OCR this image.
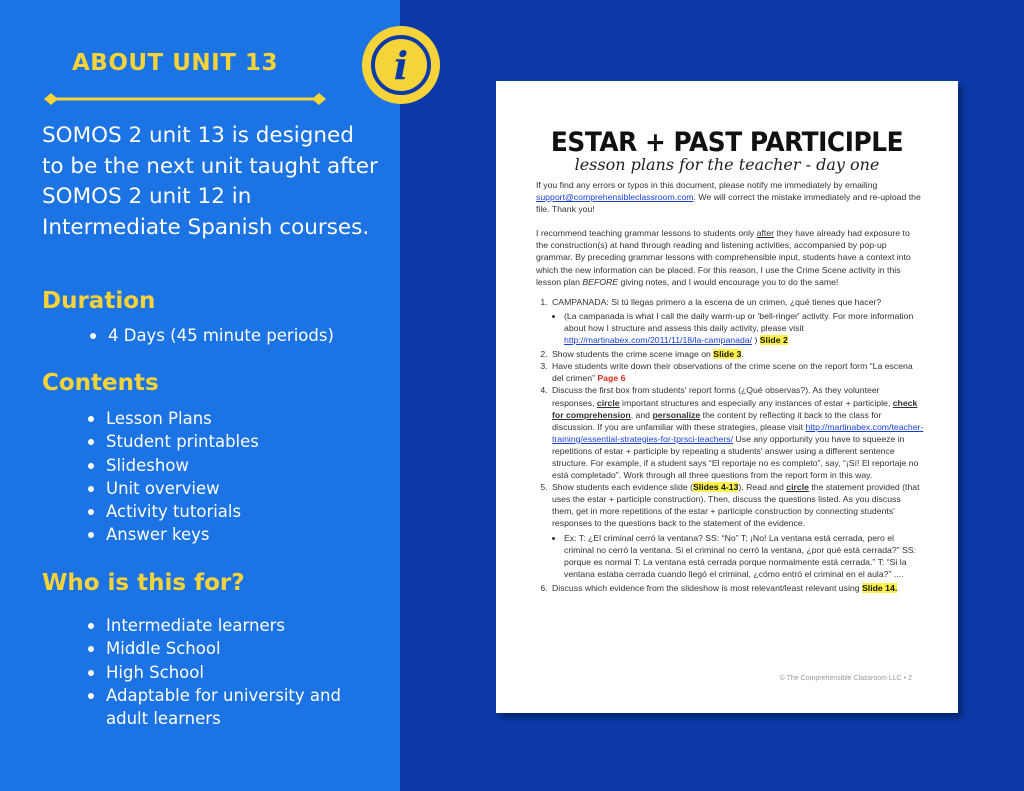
ABOUT UNIT 13
SOMOS 2 unit 13 is designed to be the next unit taught after SOMOS 2 unit 12 in Intermediate Spanish courses.
Duration
4 Days (45 minute periods)
Contents
Lesson Plans
Student printables
Slideshow
Unit overview
Activity tutorials
Answer keys
Who is this for?
Intermediate learners
Middle School
High School
Adaptable for university and adult learners
i
ESTAR + PAST PARTICIPLE
lesson plans for the teacher - day one

If you find any errors or typos in this document, please notify me immediately by emailing support@comprehensibleclassroom.com. We will correct the mistake immediately and re-upload the file. Thank you!

I recommend teaching grammar lessons to students only after they have already had exposure to the construction(s) at hand through reading and listening activities, accompanied by pop-up grammar. By preceding grammar lessons with comprehensible input, students have a context into which the new information can be placed. For this reason, I use the Crime Scene activity in this lesson plan BEFORE giving notes, and I would encourage you to do the same!

1. CAMPANADA: Si tú llegas primero a la escena de un crimen, ¿qué tienes que hacer?
• (La campanada is what I call the daily warm-up or 'bell-ringer' activity. For more information about how I structure and assess this daily activity, please visit http://martinabex.com/2011/11/18/la-campanada/ ) Slide 2
2. Show students the crime scene image on Slide 3.
3. Have students write down their observations of the crime scene on the report form “La escena del crimen” Page 6
4. Discuss the first box from students' report forms (¿Qué observas?). As they volunteer responses, circle important structures and especially any instances of estar + participle, check for comprehension, and personalize the content by reflecting it back to the class for discussion. If you are unfamiliar with these strategies, please visit http://martinabex.com/teacher-training/essential-strategies-for-tprsci-teachers/ Use any opportunity you have to squeeze in repetitions of estar + participle by repeating a students' answer using a different sentence structure. For example, if a student says “El reportaje no es completo”, say, “¡Sí! El reportaje no está completado”. Work through all three questions from the report form in this way.
5. Show students each evidence slide (Slides 4-13). Read and circle the statement provided (that uses the estar + participle construction). Then, discuss the questions listed. As you discuss them, get in more repetitions of the estar + participle construction by connecting students' responses to the questions back to the statement of the evidence.
• Ex: T: ¿El criminal cerró la ventana? SS: “No” T: ¡No! La ventana está cerrada, pero el criminal no cerró la ventana. Si el criminal no cerró la ventana, ¿por qué está cerrada?” SS: porque es normal T: La ventana está cerrada porque normalmente está cerrada.” T: “Si la ventana estaba cerrada cuando llegó el criminal, ¿cómo entró el criminal en el aula?” ....
6. Discuss which evidence from the slideshow is most relevant/least relevant using Slide 14.
© The Comprehensible Classroom LLC • 2
